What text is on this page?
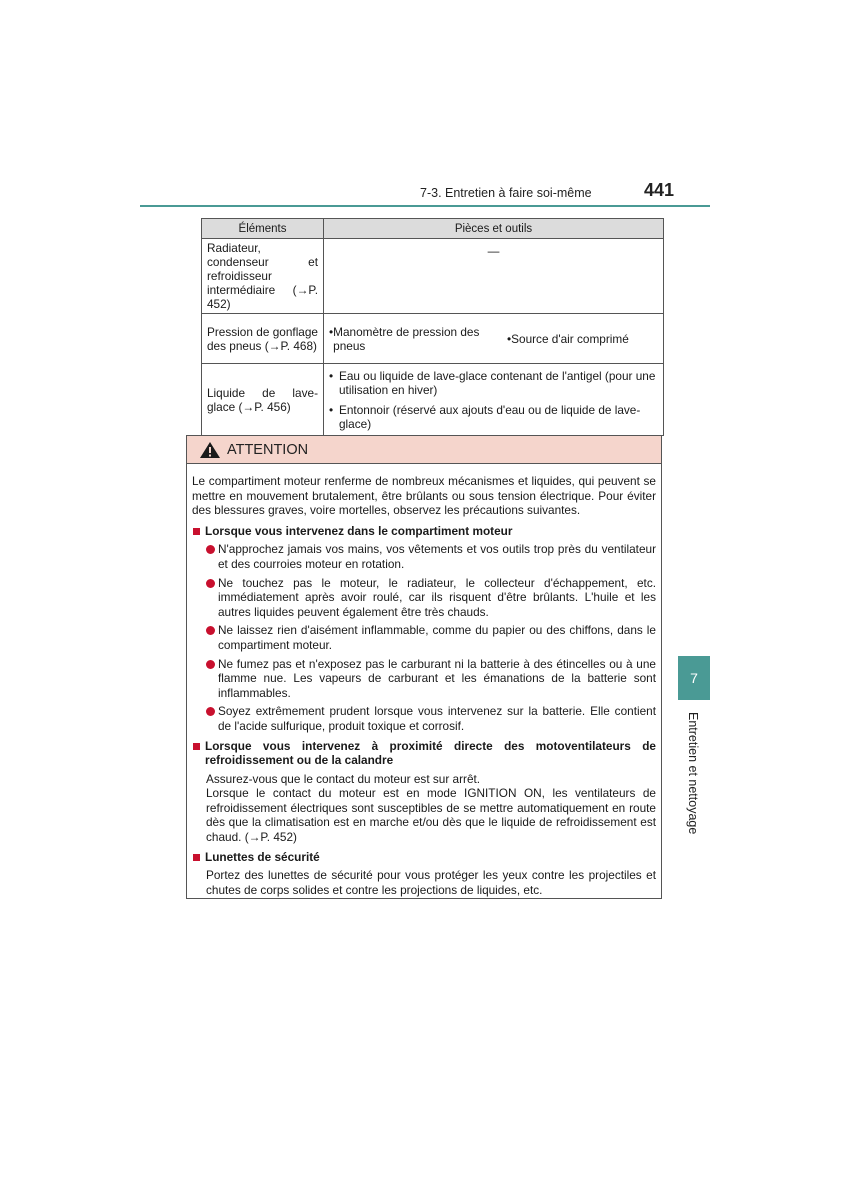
7-3. Entretien à faire soi-même	441
Éléments	Pièces et outils
Radiateur, condenseur et refroidisseur intermédiaire (→P. 452)	—
Pression de gonflage des pneus (→P. 468)	• Manomètre de pression des pneus • Source d'air comprimé

Liquide de lave-glace (→P. 456)	• Eau ou liquide de lave-glace contenant de l'antigel (pour une utilisation en hiver)
• Entonnoir (réservé aux ajouts d'eau ou de liquide de lave-glace)
ATTENTION

Le compartiment moteur renferme de nombreux mécanismes et liquides, qui peuvent se mettre en mouvement brutalement, être brûlants ou sous tension électrique. Pour éviter des blessures graves, voire mortelles, observez les précautions suivantes.

Lorsque vous intervenez dans le compartiment moteur
N'approchez jamais vos mains, vos vêtements et vos outils trop près du ventilateur et des courroies moteur en rotation.
Ne touchez pas le moteur, le radiateur, le collecteur d'échappement, etc. immédiatement après avoir roulé, car ils risquent d'être brûlants. L'huile et les autres liquides peuvent également être très chauds.
Ne laissez rien d'aisément inflammable, comme du papier ou des chiffons, dans le compartiment moteur.
Ne fumez pas et n'exposez pas le carburant ni la batterie à des étincelles ou à une flamme nue. Les vapeurs de carburant et les émanations de la batterie sont inflammables.
Soyez extrêmement prudent lorsque vous intervenez sur la batterie. Elle contient de l'acide sulfurique, produit toxique et corrosif.
Lorsque vous intervenez à proximité directe des motoventilateurs de refroidissement ou de la calandre

Assurez-vous que le contact du moteur est sur arrêt.

Lorsque le contact du moteur est en mode IGNITION ON, les ventilateurs de refroidissement électriques sont susceptibles de se mettre automatiquement en route dès que la climatisation est en marche et/ou dès que le liquide de refroidissement est chaud. (→P. 452)

Lunettes de sécurité

Portez des lunettes de sécurité pour vous protéger les yeux contre les projectiles et chutes de corps solides et contre les projections de liquides, etc.

7
Entretien et nettoyage
